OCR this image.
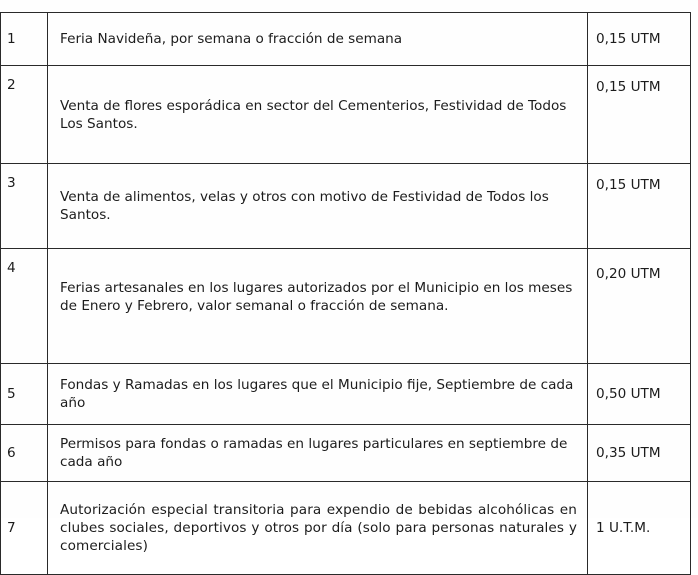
1	Feria Navideña, por semana o fracción de semana	0,15 UTM
2	Venta de flores esporádica en sector del Cementerios, Festividad de Todos Los Santos.	0,15 UTM
3	Venta de alimentos, velas y otros con motivo de Festividad de Todos los Santos.	0,15 UTM
4	Ferias artesanales en los lugares autorizados por el Municipio en los meses de Enero y Febrero, valor semanal o fracción de semana.	0,20 UTM
5	Fondas y Ramadas en los lugares que el Municipio fije, Septiembre de cada año	0,50 UTM
6	Permisos para fondas o ramadas en lugares particulares en septiembre de cada año	0,35 UTM
7	Autorización especial transitoria para expendio de bebidas alcohólicas en clubes sociales, deportivos y otros por día (solo para personas naturales y comerciales)	1 U.T.M.
